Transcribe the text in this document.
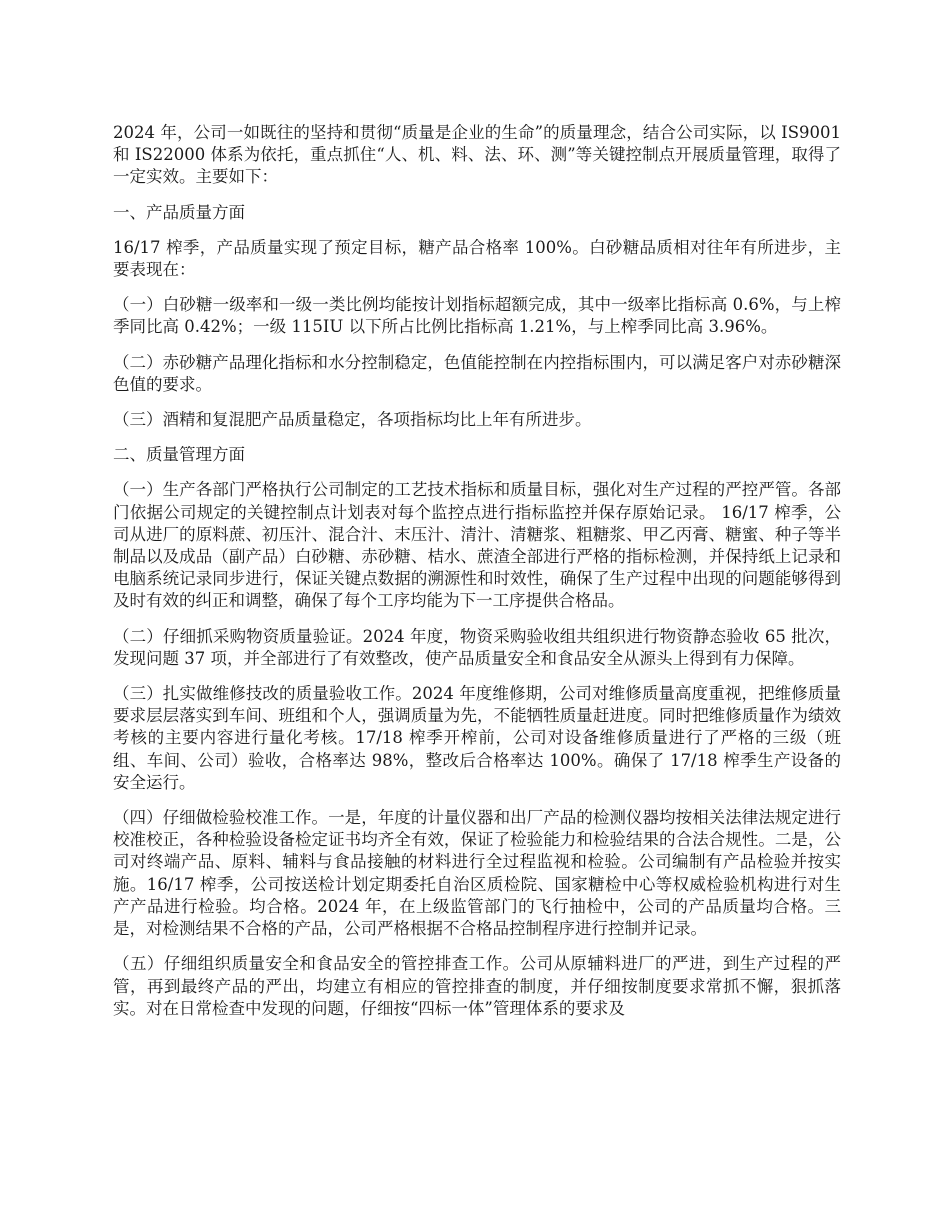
2024 年，公司一如既往的坚持和贯彻“质量是企业的生命”的质量理念，结合公司实际，以 IS9001 和 IS22000 体系为依托，重点抓住“人、机、料、法、环、测”等关键控制点开展质量管理，取得了一定实效。主要如下：

一、产品质量方面

16/17 榨季，产品质量实现了预定目标，糖产品合格率 100%。白砂糖品质相对往年有所进步，主要表现在：

（一）白砂糖一级率和一级一类比例均能按计划指标超额完成，其中一级率比指标高 0.6%，与上榨季同比高 0.42%；一级 115IU 以下所占比例比指标高 1.21%，与上榨季同比高 3.96%。

（二）赤砂糖产品理化指标和水分控制稳定，色值能控制在内控指标围内，可以满足客户对赤砂糖深色值的要求。

（三）酒精和复混肥产品质量稳定，各项指标均比上年有所进步。

二、质量管理方面

（一）生产各部门严格执行公司制定的工艺技术指标和质量目标，强化对生产过程的严控严管。各部门依据公司规定的关键控制点计划表对每个监控点进行指标监控并保存原始记录。 16/17 榨季，公司从进厂的原料蔗、初压汁、混合汁、末压汁、清汁、清糖浆、粗糖浆、甲乙丙膏、糖蜜、种子等半制品以及成品（副产品）白砂糖、赤砂糖、桔水、蔗渣全部进行严格的指标检测，并保持纸上记录和电脑系统记录同步进行，保证关键点数据的溯源性和时效性，确保了生产过程中出现的问题能够得到及时有效的纠正和调整，确保了每个工序均能为下一工序提供合格品。

（二）仔细抓采购物资质量验证。2024 年度，物资采购验收组共组织进行物资静态验收 65 批次，发现问题 37 项，并全部进行了有效整改，使产品质量安全和食品安全从源头上得到有力保障。

（三）扎实做维修技改的质量验收工作。2024 年度维修期，公司对维修质量高度重视，把维修质量要求层层落实到车间、班组和个人，强调质量为先，不能牺牲质量赶进度。同时把维修质量作为绩效考核的主要内容进行量化考核。17/18 榨季开榨前，公司对设备维修质量进行了严格的三级（班组、车间、公司）验收，合格率达 98%，整改后合格率达 100%。确保了 17/18 榨季生产设备的安全运行。

（四）仔细做检验校准工作。一是，年度的计量仪器和出厂产品的检测仪器均按相关法律法规定进行校准校正，各种检验设备检定证书均齐全有效，保证了检验能力和检验结果的合法合规性。二是，公司对终端产品、原料、辅料与食品接触的材料进行全过程监视和检验。公司编制有产品检验并按实施。16/17 榨季，公司按送检计划定期委托自治区质检院、国家糖检中心等权威检验机构进行对生产产品进行检验。均合格。2024 年，在上级监管部门的飞行抽检中，公司的产品质量均合格。三是，对检测结果不合格的产品，公司严格根据不合格品控制程序进行控制并记录。

（五）仔细组织质量安全和食品安全的管控排查工作。公司从原辅料进厂的严进，到生产过程的严管，再到最终产品的严出，均建立有相应的管控排查的制度，并仔细按制度要求常抓不懈，狠抓落实。对在日常检查中发现的问题，仔细按“四标一体”管理体系的要求及
